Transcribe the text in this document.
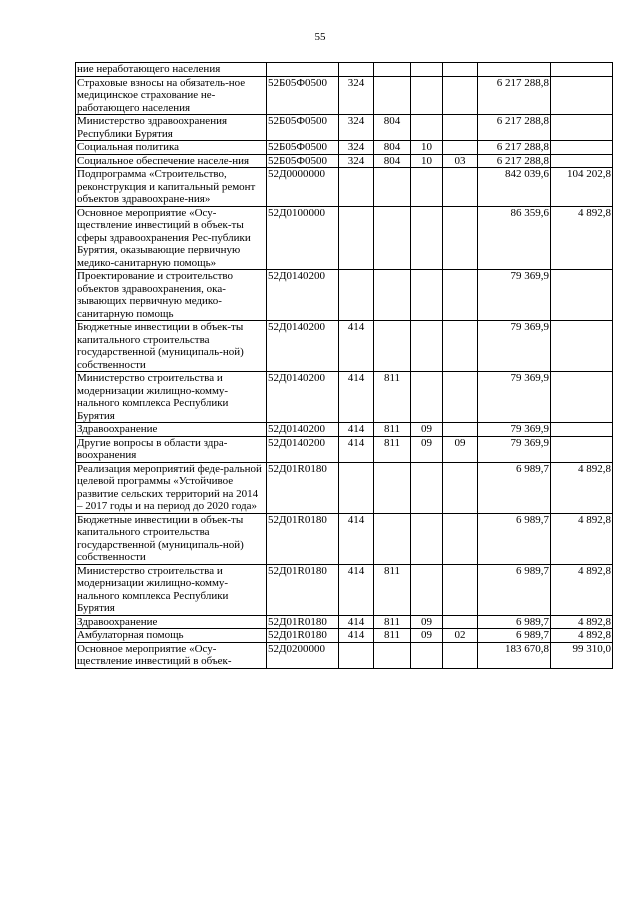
55
ние неработающего населения							
Страховые взносы на обязатель-ное медицинское страхование не-работающего населения	52Б05Ф0500	324				6 217 288,8	
Министерство здравоохранения Республики Бурятия	52Б05Ф0500	324	804			6 217 288,8	
Социальная политика	52Б05Ф0500	324	804	10		6 217 288,8	
Социальное обеспечение населе-ния	52Б05Ф0500	324	804	10	03	6 217 288,8	
Подпрограмма «Строительство, реконструкция и капитальный ремонт объектов здравоохране-ния»	52Д0000000					842 039,6	104 202,8
Основное мероприятие «Осу-ществление инвестиций в объек-ты сферы здравоохранения Рес-публики Бурятия, оказывающие первичную медико-санитарную помощь»	52Д0100000					86 359,6	4 892,8
Проектирование и строительство объектов здравоохранения, ока-зывающих первичную медико-санитарную помощь	52Д0140200					79 369,9	
Бюджетные инвестиции в объек-ты капитального строительства государственной (муниципаль-ной) собственности	52Д0140200	414				79 369,9	
Министерство строительства и модернизации жилищно-комму-нального комплекса Республики Бурятия	52Д0140200	414	811			79 369,9	
Здравоохранение	52Д0140200	414	811	09		79 369,9	
Другие вопросы в области здра-воохранения	52Д0140200	414	811	09	09	79 369,9	
Реализация мероприятий феде-ральной целевой программы «Устойчивое развитие сельских территорий на 2014 – 2017 годы и на период до 2020 года»	52Д01R0180					6 989,7	4 892,8
Бюджетные инвестиции в объек-ты капитального строительства государственной (муниципаль-ной) собственности	52Д01R0180	414				6 989,7	4 892,8
Министерство строительства и модернизации жилищно-комму-нального комплекса Республики Бурятия	52Д01R0180	414	811			6 989,7	4 892,8
Здравоохранение	52Д01R0180	414	811	09		6 989,7	4 892,8
Амбулаторная помощь	52Д01R0180	414	811	09	02	6 989,7	4 892,8
Основное мероприятие «Осу-ществление инвестиций в объек-	52Д0200000					183 670,8	99 310,0
